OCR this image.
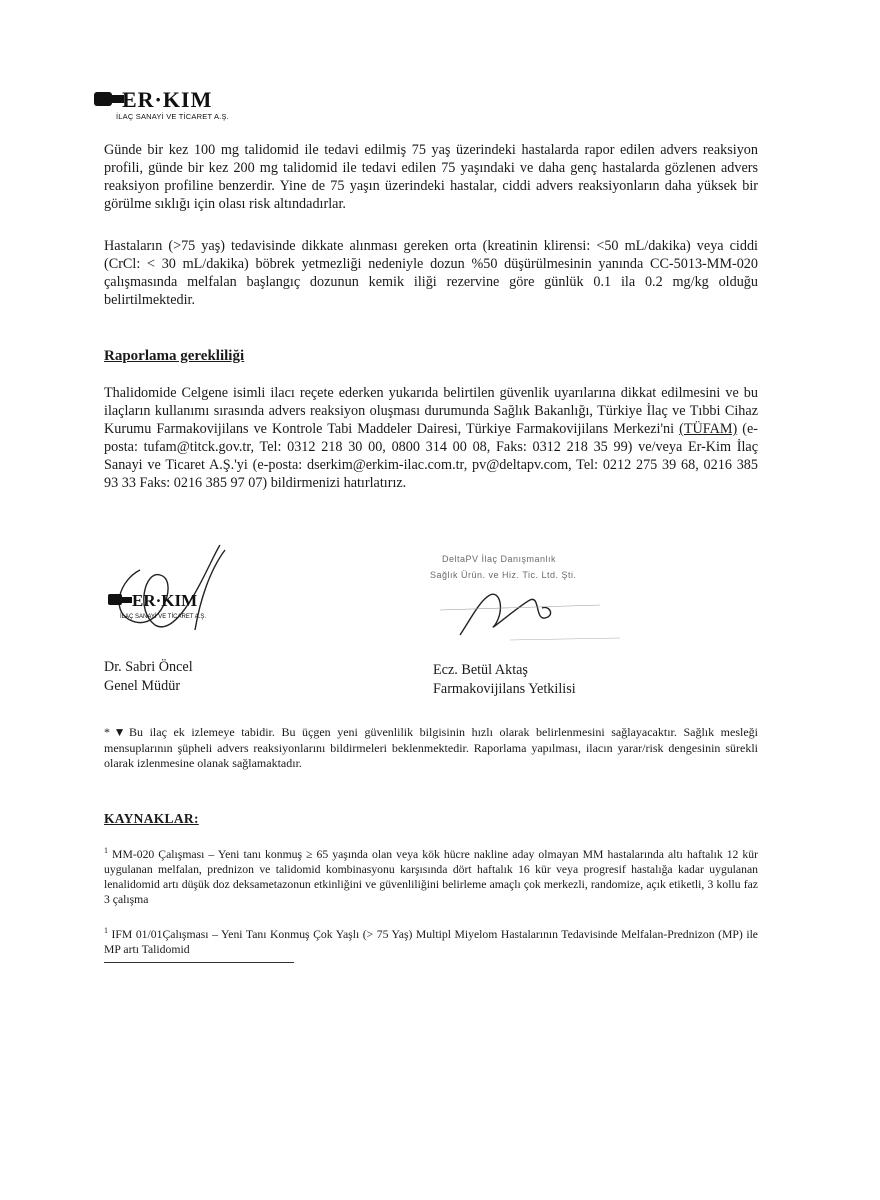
ER·KIM
İLAÇ SANAYİ VE TİCARET A.Ş.
Günde bir kez 100 mg talidomid ile tedavi edilmiş 75 yaş üzerindeki hastalarda rapor edilen advers reaksiyon profili, günde bir kez 200 mg talidomid ile tedavi edilen 75 yaşındaki ve daha genç hastalarda gözlenen advers reaksiyon profiline benzerdir. Yine de 75 yaşın üzerindeki hastalar, ciddi advers reaksiyonların daha yüksek bir görülme sıklığı için olası risk altındadırlar.
Hastaların (>75 yaş) tedavisinde dikkate alınması gereken orta (kreatinin klirensi: <50 mL/dakika) veya ciddi (CrCl: < 30 mL/dakika) böbrek yetmezliği nedeniyle dozun %50 düşürülmesinin yanında CC-5013-MM-020 çalışmasında melfalan başlangıç dozunun kemik iliği rezervine göre günlük 0.1 ila 0.2 mg/kg olduğu belirtilmektedir.
Raporlama gerekliliği
Thalidomide Celgene isimli ilacı reçete ederken yukarıda belirtilen güvenlik uyarılarına dikkat edilmesini ve bu ilaçların kullanımı sırasında advers reaksiyon oluşması durumunda Sağlık Bakanlığı, Türkiye İlaç ve Tıbbi Cihaz Kurumu Farmakovijilans ve Kontrole Tabi Maddeler Dairesi, Türkiye Farmakovijilans Merkezi'ni (TÜFAM) (e-posta: tufam@titck.gov.tr, Tel: 0312 218 30 00, 0800 314 00 08, Faks: 0312 218 35 99) ve/veya Er-Kim İlaç Sanayi ve Ticaret A.Ş.'yi (e-posta: dserkim@erkim-ilac.com.tr, pv@deltapv.com, Tel: 0212 275 39 68, 0216 385 93 33 Faks: 0216 385 97 07) bildirmenizi hatırlatırız.
ER·KIM
İLAÇ SANAYİ VE TİCARET A.Ş.
DeltaPV İlaç Danışmanlık
Sağlık Ürün. ve Hiz. Tic. Ltd. Şti.
Dr. Sabri Öncel
Genel Müdür
Ecz. Betül Aktaş
Farmakovijilans Yetkilisi
*▼Bu ilaç ek izlemeye tabidir. Bu üçgen yeni güvenlilik bilgisinin hızlı olarak belirlenmesini sağlayacaktır. Sağlık mesleği mensuplarının şüpheli advers reaksiyonlarını bildirmeleri beklenmektedir. Raporlama yapılması, ilacın yarar/risk dengesinin sürekli olarak izlenmesine olanak sağlamaktadır.
KAYNAKLAR:
$^1$ MM-020 Çalışması – Yeni tanı konmuş ≥ 65 yaşında olan veya kök hücre nakline aday olmayan MM hastalarında altı haftalık 12 kür uygulanan melfalan, prednizon ve talidomid kombinasyonu karşısında dört haftalık 16 kür veya progresif hastalığa kadar uygulanan lenalidomid artı düşük doz deksametazonun etkinliğini ve güvenliliğini belirleme amaçlı çok merkezli, randomize, açık etiketli, 3 kollu faz 3 çalışma
$^1$ IFM 01/01Çalışması – Yeni Tanı Konmuş Çok Yaşlı (> 75 Yaş) Multipl Miyelom Hastalarının Tedavisinde Melfalan-Prednizon (MP) ile MP artı Talidomid
